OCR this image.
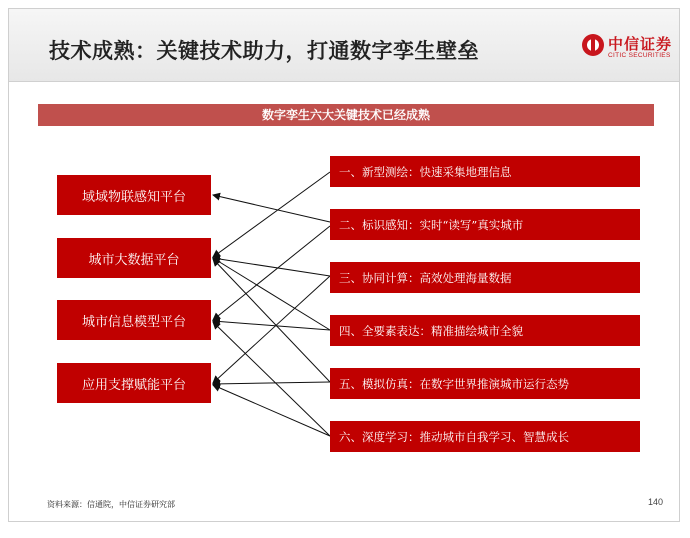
技术成熟：关键技术助力，打通数字孪生壁垒	中信证券
CITIC SECURITIES
数字孪生六大关键技术已经成熟
域域物联感知平台
城市大数据平台
城市信息模型平台
应用支撑赋能平台
一、新型测绘：快速采集地理信息
二、标识感知：实时“读写”真实城市
三、协同计算：高效处理海量数据
四、全要素表达：精准描绘城市全貌
五、模拟仿真：在数字世界推演城市运行态势
六、深度学习：推动城市自我学习、智慧成长
资料来源：信通院，中信证券研究部	140
